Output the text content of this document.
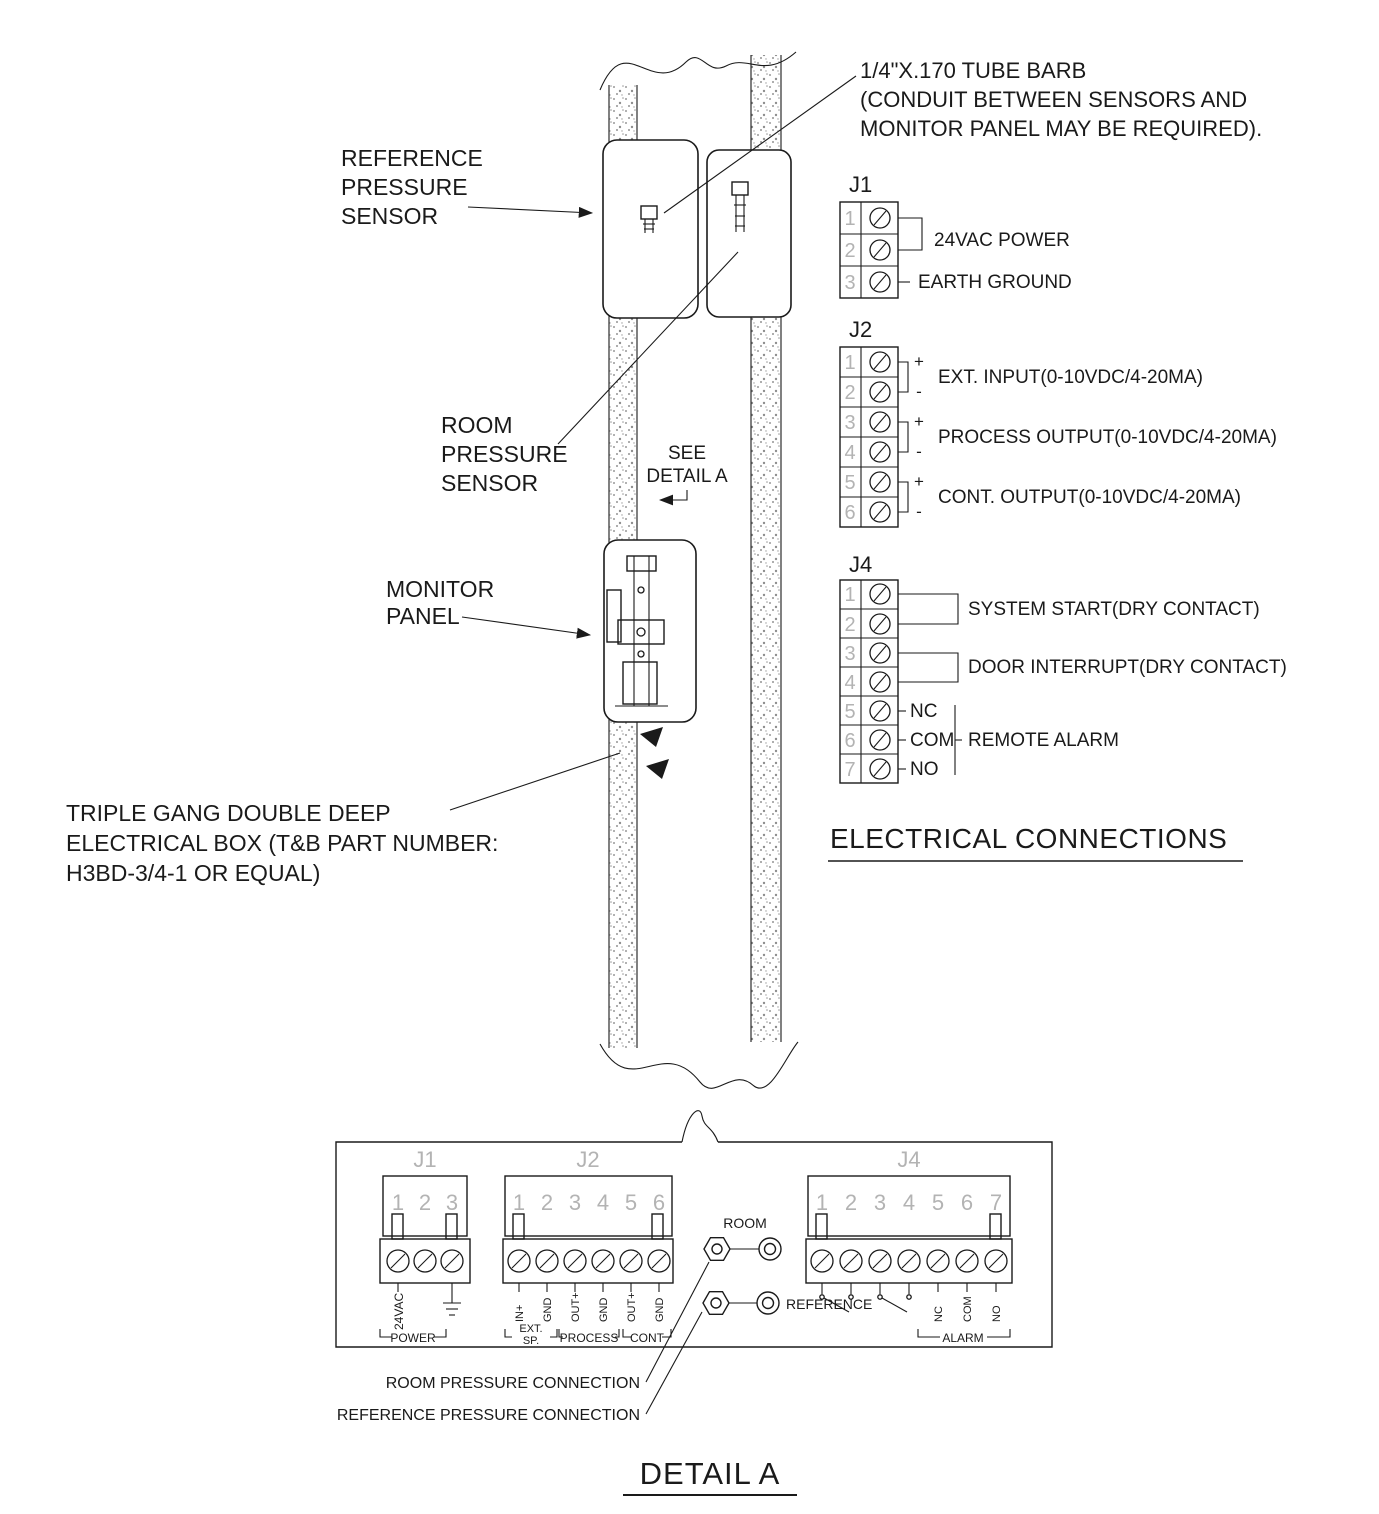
REFERENCE
PRESSURE
SENSOR
1/4"X.170 TUBE BARB
(CONDUIT BETWEEN SENSORS AND
MONITOR PANEL MAY BE REQUIRED).
ROOM
PRESSURE
SENSOR
SEE
DETAIL A
MONITOR
PANEL
TRIPLE GANG DOUBLE DEEP
ELECTRICAL BOX (T&B PART NUMBER:
H3BD-3/4-1 OR EQUAL)
J1
1
2
3
24VAC POWER
EARTH GROUND
J2
1
2
3
4
5
6
+
-
EXT. INPUT(0-10VDC/4-20MA)
+
-
PROCESS OUTPUT(0-10VDC/4-20MA)
+
-
CONT. OUTPUT(0-10VDC/4-20MA)
J4
1
2
3
4
5
6
7
SYSTEM START(DRY CONTACT)
DOOR INTERRUPT(DRY CONTACT)
NC
COM
NO
REMOTE ALARM
ELECTRICAL CONNECTIONS
J1
1 2 3
24VAC
POWER
J2
1 2 3 4 5 6
IN+ GND OUT+ GND OUT+ GND
EXT.
SP. PROCESS CONT
J4
1 2 3 4 5 6 7
NC COM NO
ALARM
ROOM
REFERENCE
ROOM PRESSURE CONNECTION
REFERENCE PRESSURE CONNECTION
DETAIL A
